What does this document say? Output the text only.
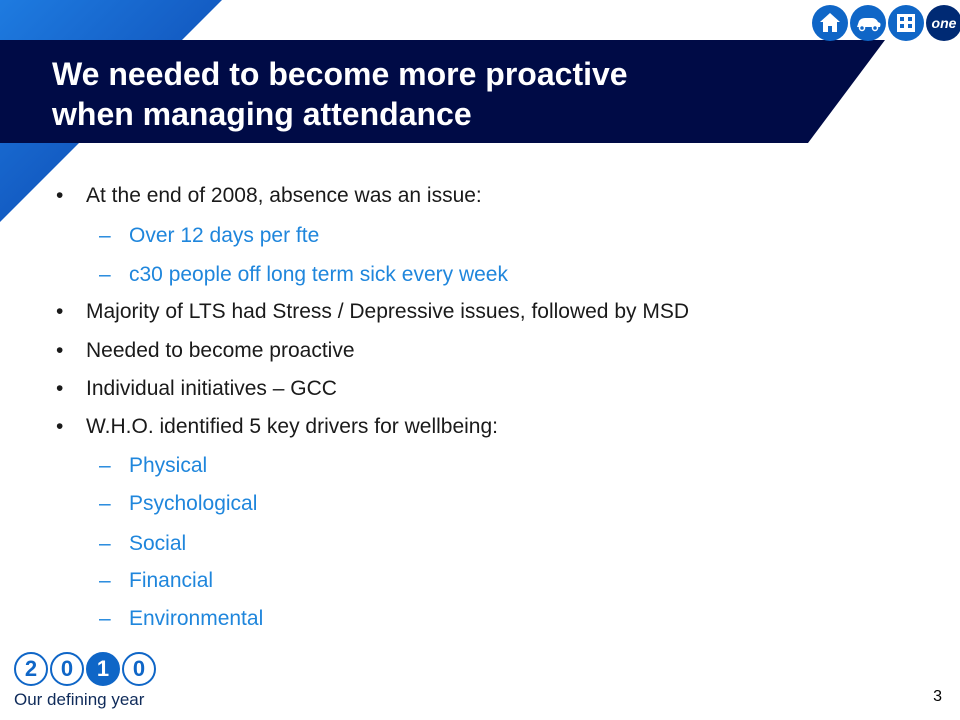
We needed to become more proactive
when managing attendance
one
• At the end of 2008, absence was an issue:
– Over 12 days per fte
– c30 people off long term sick every week
• Majority of LTS had Stress / Depressive issues, followed by MSD
• Needed to become proactive
• Individual initiatives – GCC
• W.H.O. identified 5 key drivers for wellbeing:
– Physical
– Psychological
– Social
– Financial
– Environmental
2	0	1	0
Our defining year	3
